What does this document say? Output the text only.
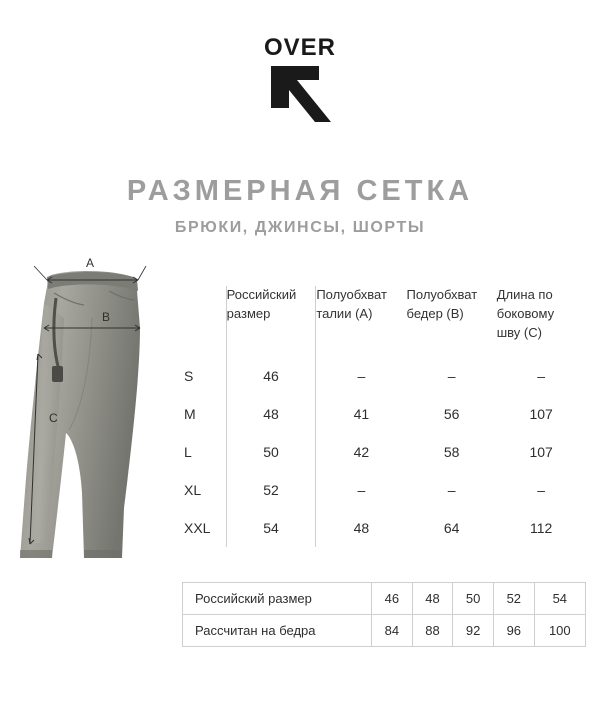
OVER
РАЗМЕРНАЯ СЕТКА
БРЮКИ, ДЖИНСЫ, ШОРТЫ
A
B
C
	Российский размер	Полуобхват талии (A)	Полуобхват бедер (B)	Длина по боковому шву (C)
S	46	–	–	–
M	48	41	56	107
L	50	42	58	107
XL	52	–	–	–
XXL	54	48	64	112
Российский размер	46	48	50	52	54
Рассчитан на бедра	84	88	92	96	100
